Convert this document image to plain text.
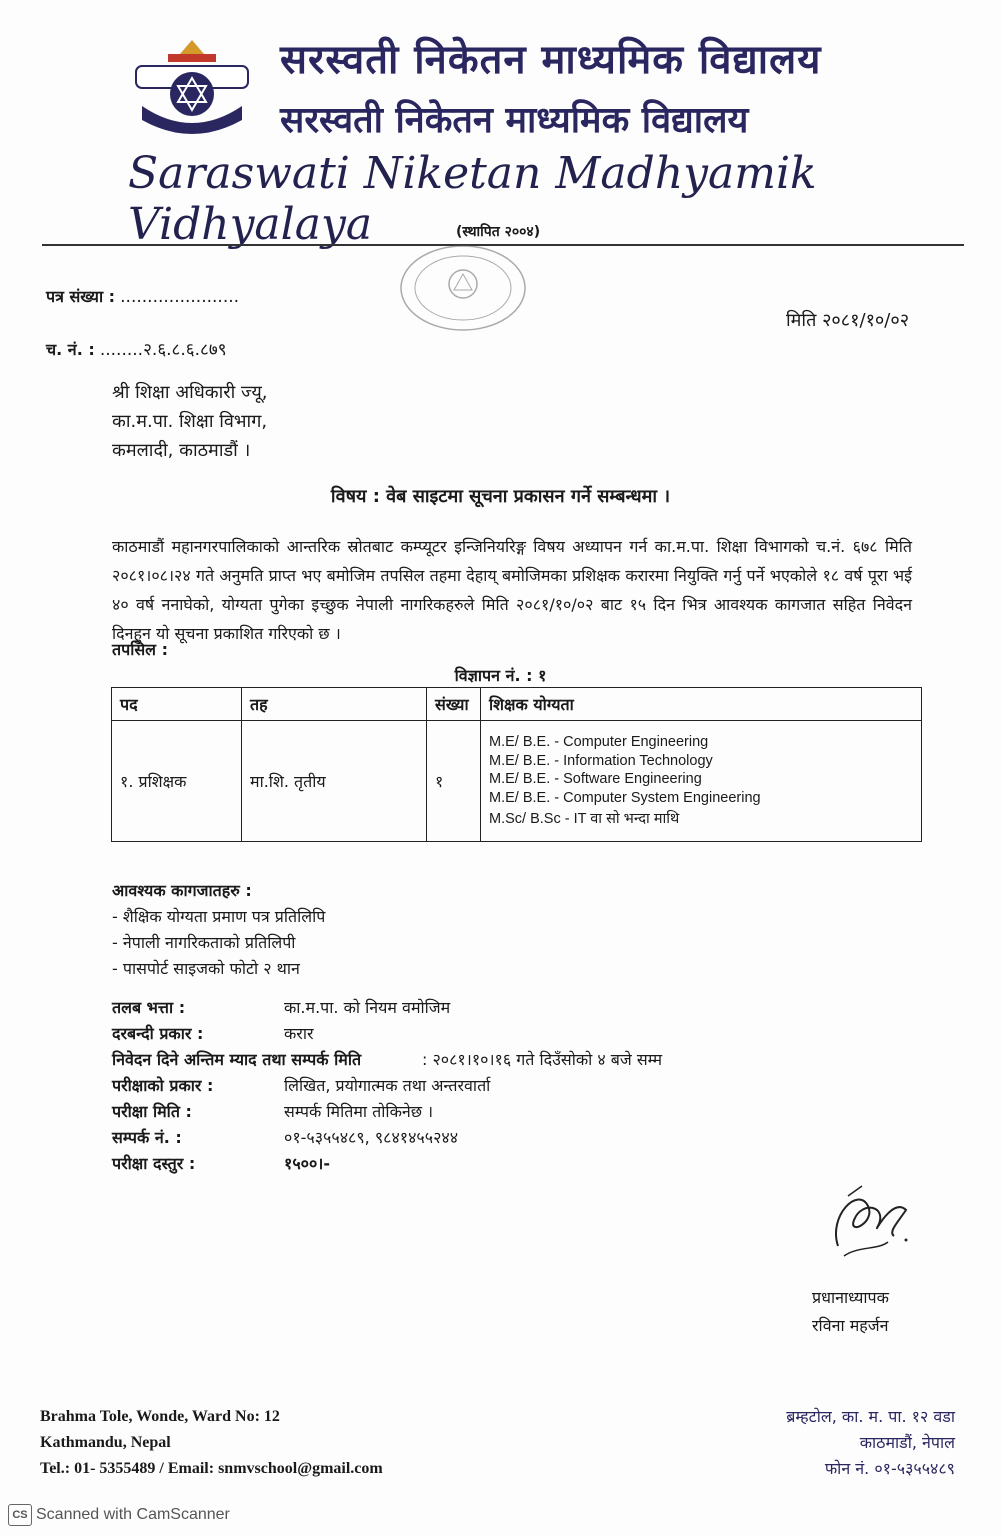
सरस्वती निकेतन माध्यमिक विद्यालय
सरस्वती निकेतन माध्यमिक विद्यालय
Saraswati Niketan Madhyamik Vidhyalaya	(स्थापित २००४)
पत्र संख्या : ......................
च. नं. : ........२.६.८.६.८७९
मिति २०८१/१०/०२
श्री शिक्षा अधिकारी ज्यू,
का.म.पा. शिक्षा विभाग,
कमलादी, काठमाडौं ।
विषय : वेब साइटमा सूचना प्रकासन गर्ने सम्बन्धमा ।
काठमाडौं महानगरपालिकाको आन्तरिक स्रोतबाट कम्प्यूटर इन्जिनियरिङ्ग विषय अध्यापन गर्न का.म.पा. शिक्षा विभागको च.नं. ६७८ मिति २०८१।०८।२४ गते अनुमति प्राप्त भए बमोजिम तपसिल तहमा देहाय् बमोजिमका प्रशिक्षक करारमा नियुक्ति गर्नु पर्ने भएकोले १८ वर्ष पूरा भई ४० वर्ष ननाघेको, योग्यता पुगेका इच्छुक नेपाली नागरिकहरुले मिति २०८१/१०/०२ बाट १५ दिन भित्र आवश्यक कागजात सहित निवेदन दिनहुन यो सूचना प्रकाशित गरिएको छ ।
तपसिल :
विज्ञापन नं. : १
पद	तह	संख्या	शिक्षक योग्यता
१. प्रशिक्षक	मा.शि. तृतीय	१	M.E/ B.E. - Computer Engineering
M.E/ B.E. - Information Technology
M.E/ B.E. - Software Engineering
M.E/ B.E. - Computer System Engineering
M.Sc/ B.Sc - IT वा सो भन्दा माथि
आवश्यक कागजातहरु :
- शैक्षिक योग्यता प्रमाण पत्र प्रतिलिपि
- नेपाली नागरिकताको प्रतिलिपी
- पासपोर्ट साइजको फोटो २ थान
तलब भत्ता :	का.म.पा. को नियम वमोजिम
दरबन्दी प्रकार :	करार
निवेदन दिने अन्तिम म्याद तथा सम्पर्क मिति	: २०८१।१०।१६ गते दिउँसोको ४ बजे सम्म
परीक्षाको प्रकार :	लिखित, प्रयोगात्मक तथा अन्तरवार्ता
परीक्षा मिति :	सम्पर्क मितिमा तोकिनेछ ।
सम्पर्क नं. :	०१-५३५५४८९, ९८४१४५५२४४
परीक्षा दस्तुर :	१५००।-
प्रधानाध्यापक
रविना महर्जन
Brahma Tole, Wonde, Ward No: 12
Kathmandu, Nepal
Tel.: 01- 5355489 / Email: snmvschool@gmail.com
ब्रम्हटोल, का. म. पा. १२ वडा
काठमाडौं, नेपाल
फोन नं. ०१-५३५५४८९
CS Scanned with CamScanner
